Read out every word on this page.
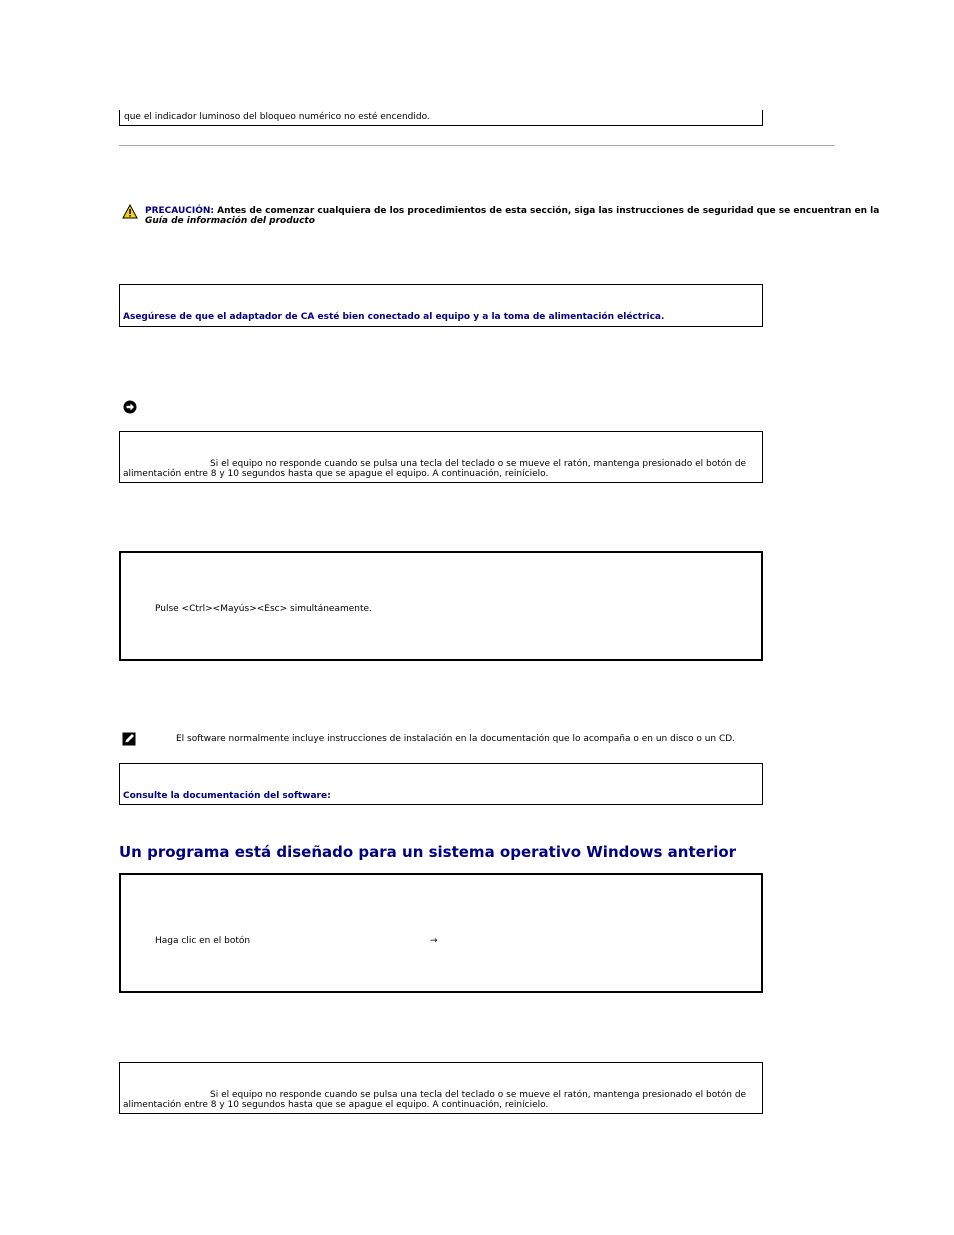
que el indicador luminoso del bloqueo numérico no esté encendido.
PRECAUCIÓN: Antes de comenzar cualquiera de los procedimientos de esta sección, siga las instrucciones de seguridad que se encuentran en la
Guía de información del producto
Asegúrese de que el adaptador de CA esté bien conectado al equipo y a la toma de alimentación eléctrica.
Si el equipo no responde cuando se pulsa una tecla del teclado o se mueve el ratón, mantenga presionado el botón de
alimentación entre 8 y 10 segundos hasta que se apague el equipo. A continuación, reinícielo.
Pulse <Ctrl><Mayús><Esc> simultáneamente.
El software normalmente incluye instrucciones de instalación en la documentación que lo acompaña o en un disco o un CD.
Consulte la documentación del software:
Un programa está diseñado para un sistema operativo Windows anterior
Haga clic en el botón	→
Si el equipo no responde cuando se pulsa una tecla del teclado o se mueve el ratón, mantenga presionado el botón de
alimentación entre 8 y 10 segundos hasta que se apague el equipo. A continuación, reinícielo.
